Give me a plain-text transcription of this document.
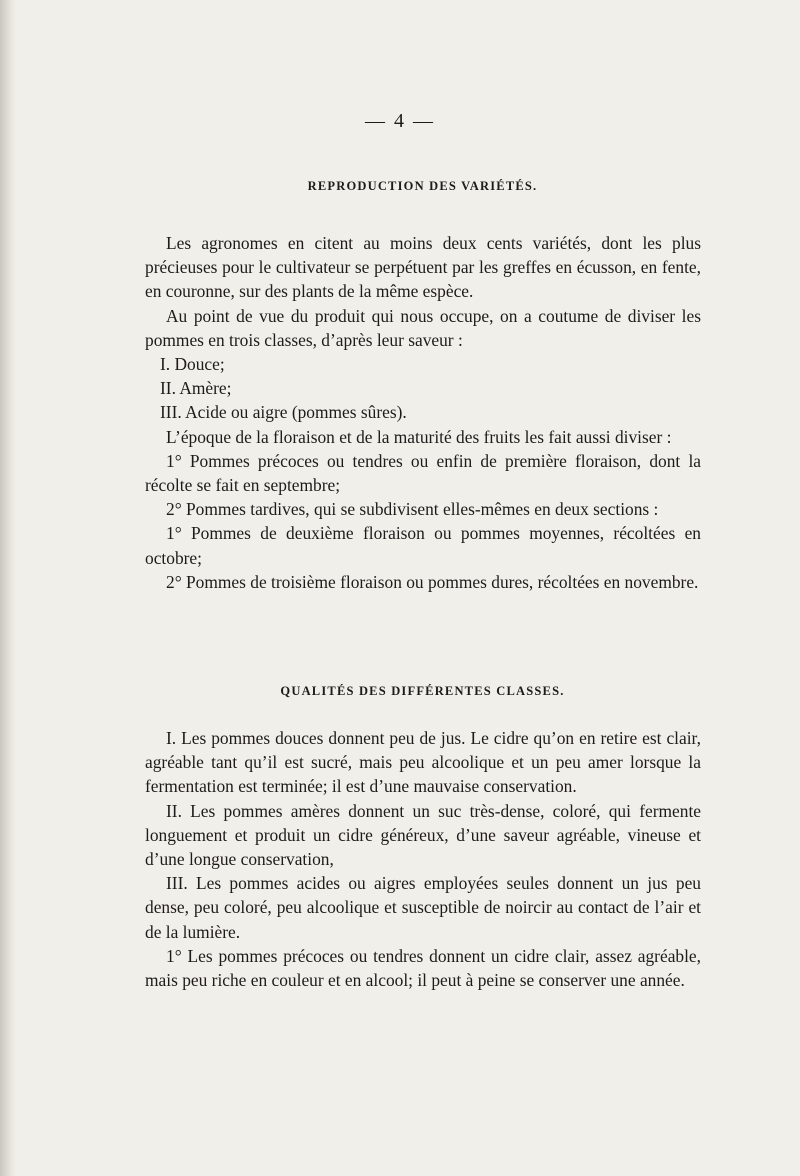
— 4 —
REPRODUCTION DES VARIÉTÉS.

Les agronomes en citent au moins deux cents variétés, dont les plus précieuses pour le cultivateur se perpétuent par les greffes en écusson, en fente, en couronne, sur des plants de la même espèce.

Au point de vue du produit qui nous occupe, on a coutume de diviser les pommes en trois classes, d’après leur saveur :

I. Douce;

II. Amère;

III. Acide ou aigre (pommes sûres).

L’époque de la floraison et de la maturité des fruits les fait aussi diviser :

1° Pommes précoces ou tendres ou enfin de première floraison, dont la récolte se fait en septembre;

2° Pommes tardives, qui se subdivisent elles-mêmes en deux sections :

1° Pommes de deuxième floraison ou pommes moyennes, récoltées en octobre;

2° Pommes de troisième floraison ou pommes dures, récoltées en novembre.

QUALITÉS DES DIFFÉRENTES CLASSES.

I. Les pommes douces donnent peu de jus. Le cidre qu’on en retire est clair, agréable tant qu’il est sucré, mais peu alcoolique et un peu amer lorsque la fermentation est terminée; il est d’une mauvaise conservation.

II. Les pommes amères donnent un suc très-dense, coloré, qui fermente longuement et produit un cidre généreux, d’une saveur agréable, vineuse et d’une longue conservation,

III. Les pommes acides ou aigres employées seules donnent un jus peu dense, peu coloré, peu alcoolique et susceptible de noircir au contact de l’air et de la lumière.

1° Les pommes précoces ou tendres donnent un cidre clair, assez agréable, mais peu riche en couleur et en alcool; il peut à peine se conserver une année.
